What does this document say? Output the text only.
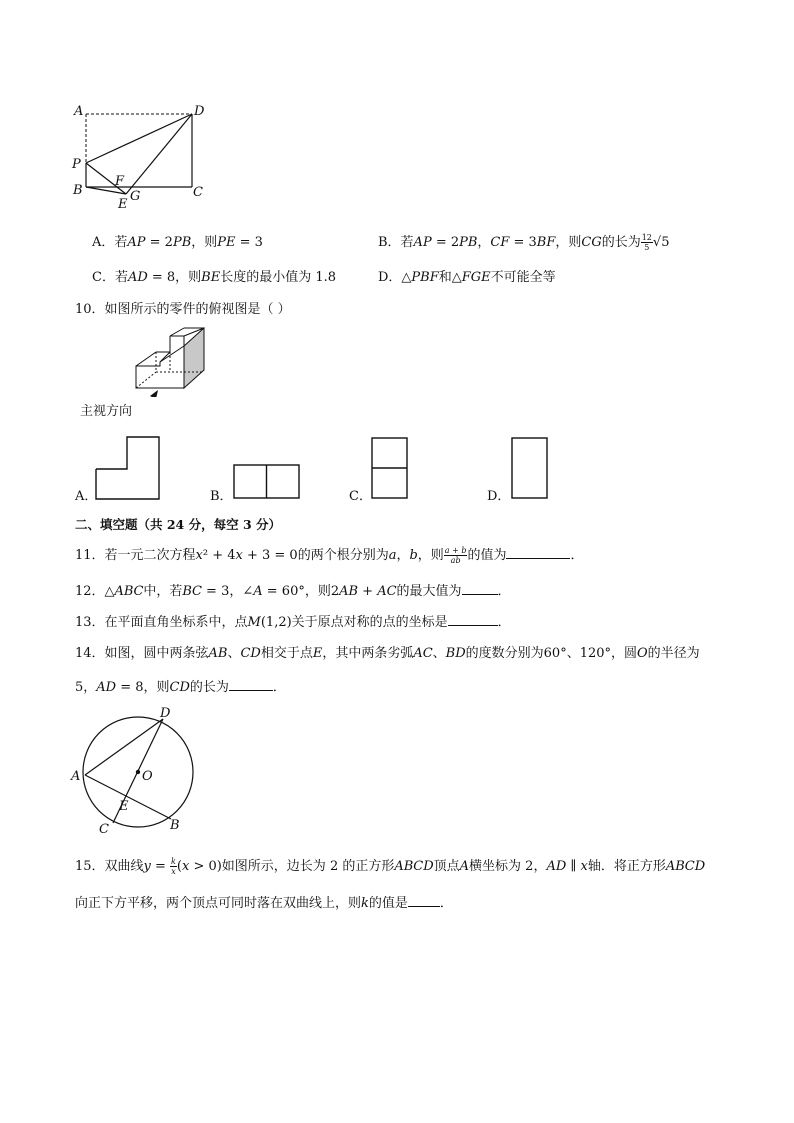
A	D
P
B	C
F
G
E
A．若𝐴𝑃 = 2𝑃𝐵，则𝑃𝐸 = 3	B．若𝐴𝑃 = 2𝑃𝐵，𝐶𝐹 = 3𝐵𝐹，则𝐶𝐺的长为 $\frac{12}{5} √5$
C．若𝐴𝐷 = 8，则𝐵𝐸长度的最小值为 1.8	D．△𝑃𝐵𝐹和△𝐹𝐺𝐸不可能全等
10．如图所示的零件的俯视图是（ ）
主视方向
A．	B．	C．	D．
二、填空题（共 24 分，每空 3 分）
11．若一元二次方程𝑥² + 4𝑥 + 3 = 0的两个根分别为𝑎，𝑏，则 $\frac{\text{𝑎 + 𝑏}}{\text{𝑎𝑏}}$ 的值为	．
12．△𝐴𝐵𝐶中，若𝐵𝐶 = 3，∠𝐴 = 60°，则2𝐴𝐵 + 𝐴𝐶的最大值为	．
13．在平面直角坐标系中，点𝑀(1,2)关于原点对称的点的坐标是	．
14．如图，圆中两条弦𝐴𝐵、𝐶𝐷相交于点𝐸，其中两条劣弧𝐴𝐶、𝐵𝐷的度数分别为60°、120°，圆𝑂的半径为
5，𝐴𝐷 = 8，则𝐶𝐷的长为	．
D
A	O
E
C	B
15．双曲线𝑦 = $\frac{\text{𝑘}}{\text{𝑥}}$ (𝑥 > 0)如图所示，边长为 2 的正方形𝐴𝐵𝐶𝐷顶点𝐴横坐标为 2，𝐴𝐷 ∥ 𝑥轴．将正方形𝐴𝐵𝐶𝐷
向正下方平移，两个顶点可同时落在双曲线上，则𝑘的值是 ．
